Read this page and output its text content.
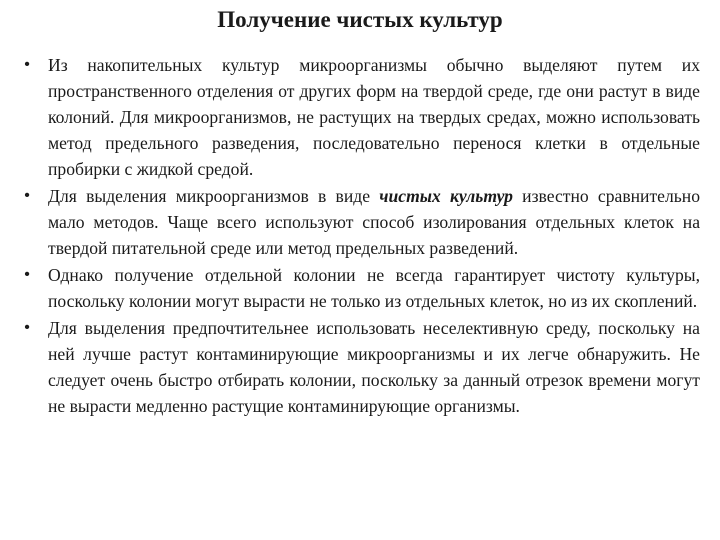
Получение чистых культур
• Из накопительных культур микроорганизмы обычно выделяют путем их пространственного отделения от других форм на твердой среде, где они растут в виде колоний. Для микроорганизмов, не растущих на твердых средах, можно использовать метод предельного разведения, последовательно перенося клетки в отдельные пробирки с жидкой средой.
• Для выделения микроорганизмов в виде чистых культур известно сравнительно мало методов. Чаще всего используют способ изолирования отдельных клеток на твердой питательной среде или метод предельных разведений.
• Однако получение отдельной колонии не всегда гарантирует чистоту культуры, поскольку колонии могут вырасти не только из отдельных клеток, но из их скоплений.
• Для выделения предпочтительнее использовать неселективную среду, поскольку на ней лучше растут контаминирующие микроорганизмы и их легче обнаружить. Не следует очень быстро отбирать колонии, поскольку за данный отрезок времени могут не вырасти медленно растущие контаминирующие организмы.
